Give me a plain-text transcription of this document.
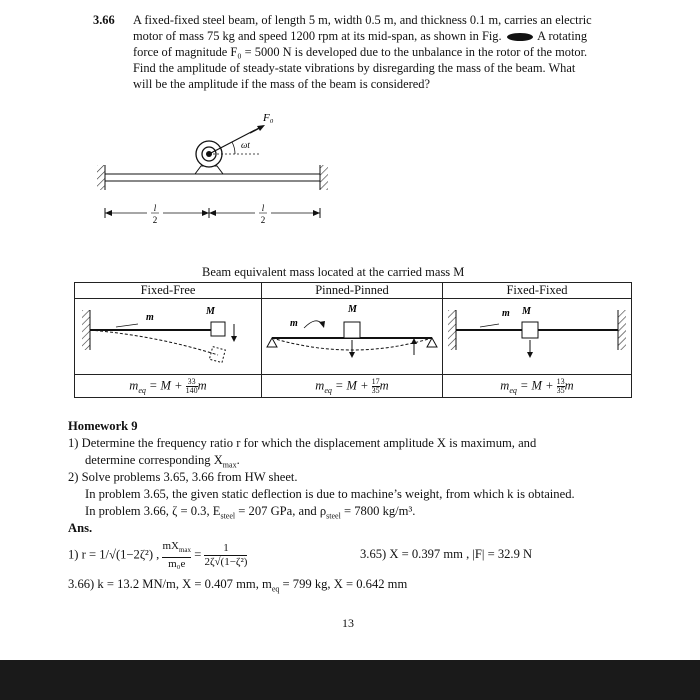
3.66 A fixed-fixed steel beam, of length 5 m, width 0.5 m, and thickness 0.1 m, carries an electric
motor of mass 75 kg and speed 1200 rpm at its mid-span, as shown in Fig.	A rotating
force of magnitude F₀ = 5000 N is developed due to the unbalance in the rotor of the motor.
Find the amplitude of steady-state vibrations by disregarding the mass of the beam. What
will be the amplitude if the mass of the beam is considered?
F₀
ωt
l
2
l
2
Beam equivalent mass located at the carried mass M
Fixed-Free	Pinned-Pinned	Fixed-Fixed

m
M	m
M	m M

$m_{eq} = M + \frac{33}{140}$ m	$m_{eq} = M + \frac{17}{35}$ m	$m_{eq} = M + \frac{13}{35}$ m
Homework 9
1) Determine the frequency ratio r for which the displacement amplitude X is maximum, and
determine corresponding $X_{max}$.
2) Solve problems 3.65, 3.66 from HW sheet.
In problem 3.65, the given static deflection is due to machine’s weight, from which k is obtained.
In problem 3.66, ζ = 0.3, $E_{steel} = 207$ GPa, and $\rho_{steel} = 7800$ kg/m³.
Ans.
1) r = 1/√(1−2ζ²) ,
$mX_{max}$
m₀e
= $\frac{1}{\text{2ζ√(1−ζ²)}}$	3.65) X = 0.397 mm , |F| = 32.9 N
3.66) k = 13.2 MN/m, X = 0.407 mm, $m_{eq} = 799$ kg, X = 0.642 mm
13
